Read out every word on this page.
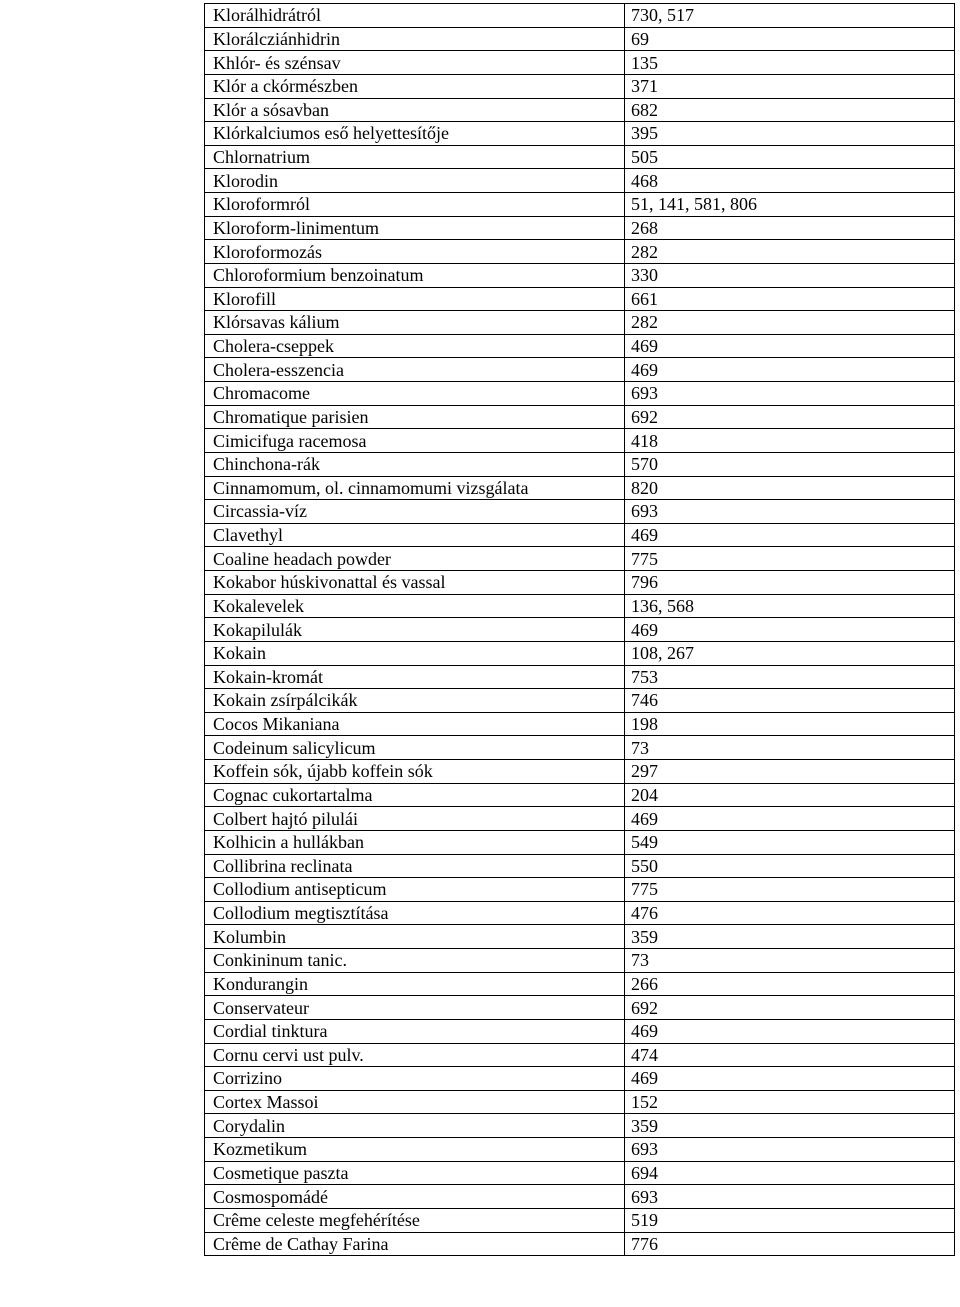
Klorálhidrátról	730, 517
Klorálcziánhidrin	69
Khlór- és szénsav	135
Klór a ckórmészben	371
Klór a sósavban	682
Klórkalciumos eső helyettesítője	395
Chlornatrium	505
Klorodin	468
Kloroformról	51, 141, 581, 806
Kloroform-linimentum	268
Kloroformozás	282
Chloroformium benzoinatum	330
Klorofill	661
Klórsavas kálium	282
Cholera-cseppek	469
Cholera-esszencia	469
Chromacome	693
Chromatique parisien	692
Cimicifuga racemosa	418
Chinchona-rák	570
Cinnamomum, ol. cinnamomumi vizsgálata	820
Circassia-víz	693
Clavethyl	469
Coaline headach powder	775
Kokabor húskivonattal és vassal	796
Kokalevelek	136, 568
Kokapilulák	469
Kokain	108, 267
Kokain-kromát	753
Kokain zsírpálcikák	746
Cocos Mikaniana	198
Codeinum salicylicum	73
Koffein sók, újabb koffein sók	297
Cognac cukortartalma	204
Colbert hajtó pilulái	469
Kolhicin a hullákban	549
Collibrina reclinata	550
Collodium antisepticum	775
Collodium megtisztítása	476
Kolumbin	359
Conkininum tanic.	73
Kondurangin	266
Conservateur	692
Cordial tinktura	469
Cornu cervi ust pulv.	474
Corrizino	469
Cortex Massoi	152
Corydalin	359
Kozmetikum	693
Cosmetique paszta	694
Cosmospomádé	693
Crême celeste megfehérítése	519
Crême de Cathay Farina	776
